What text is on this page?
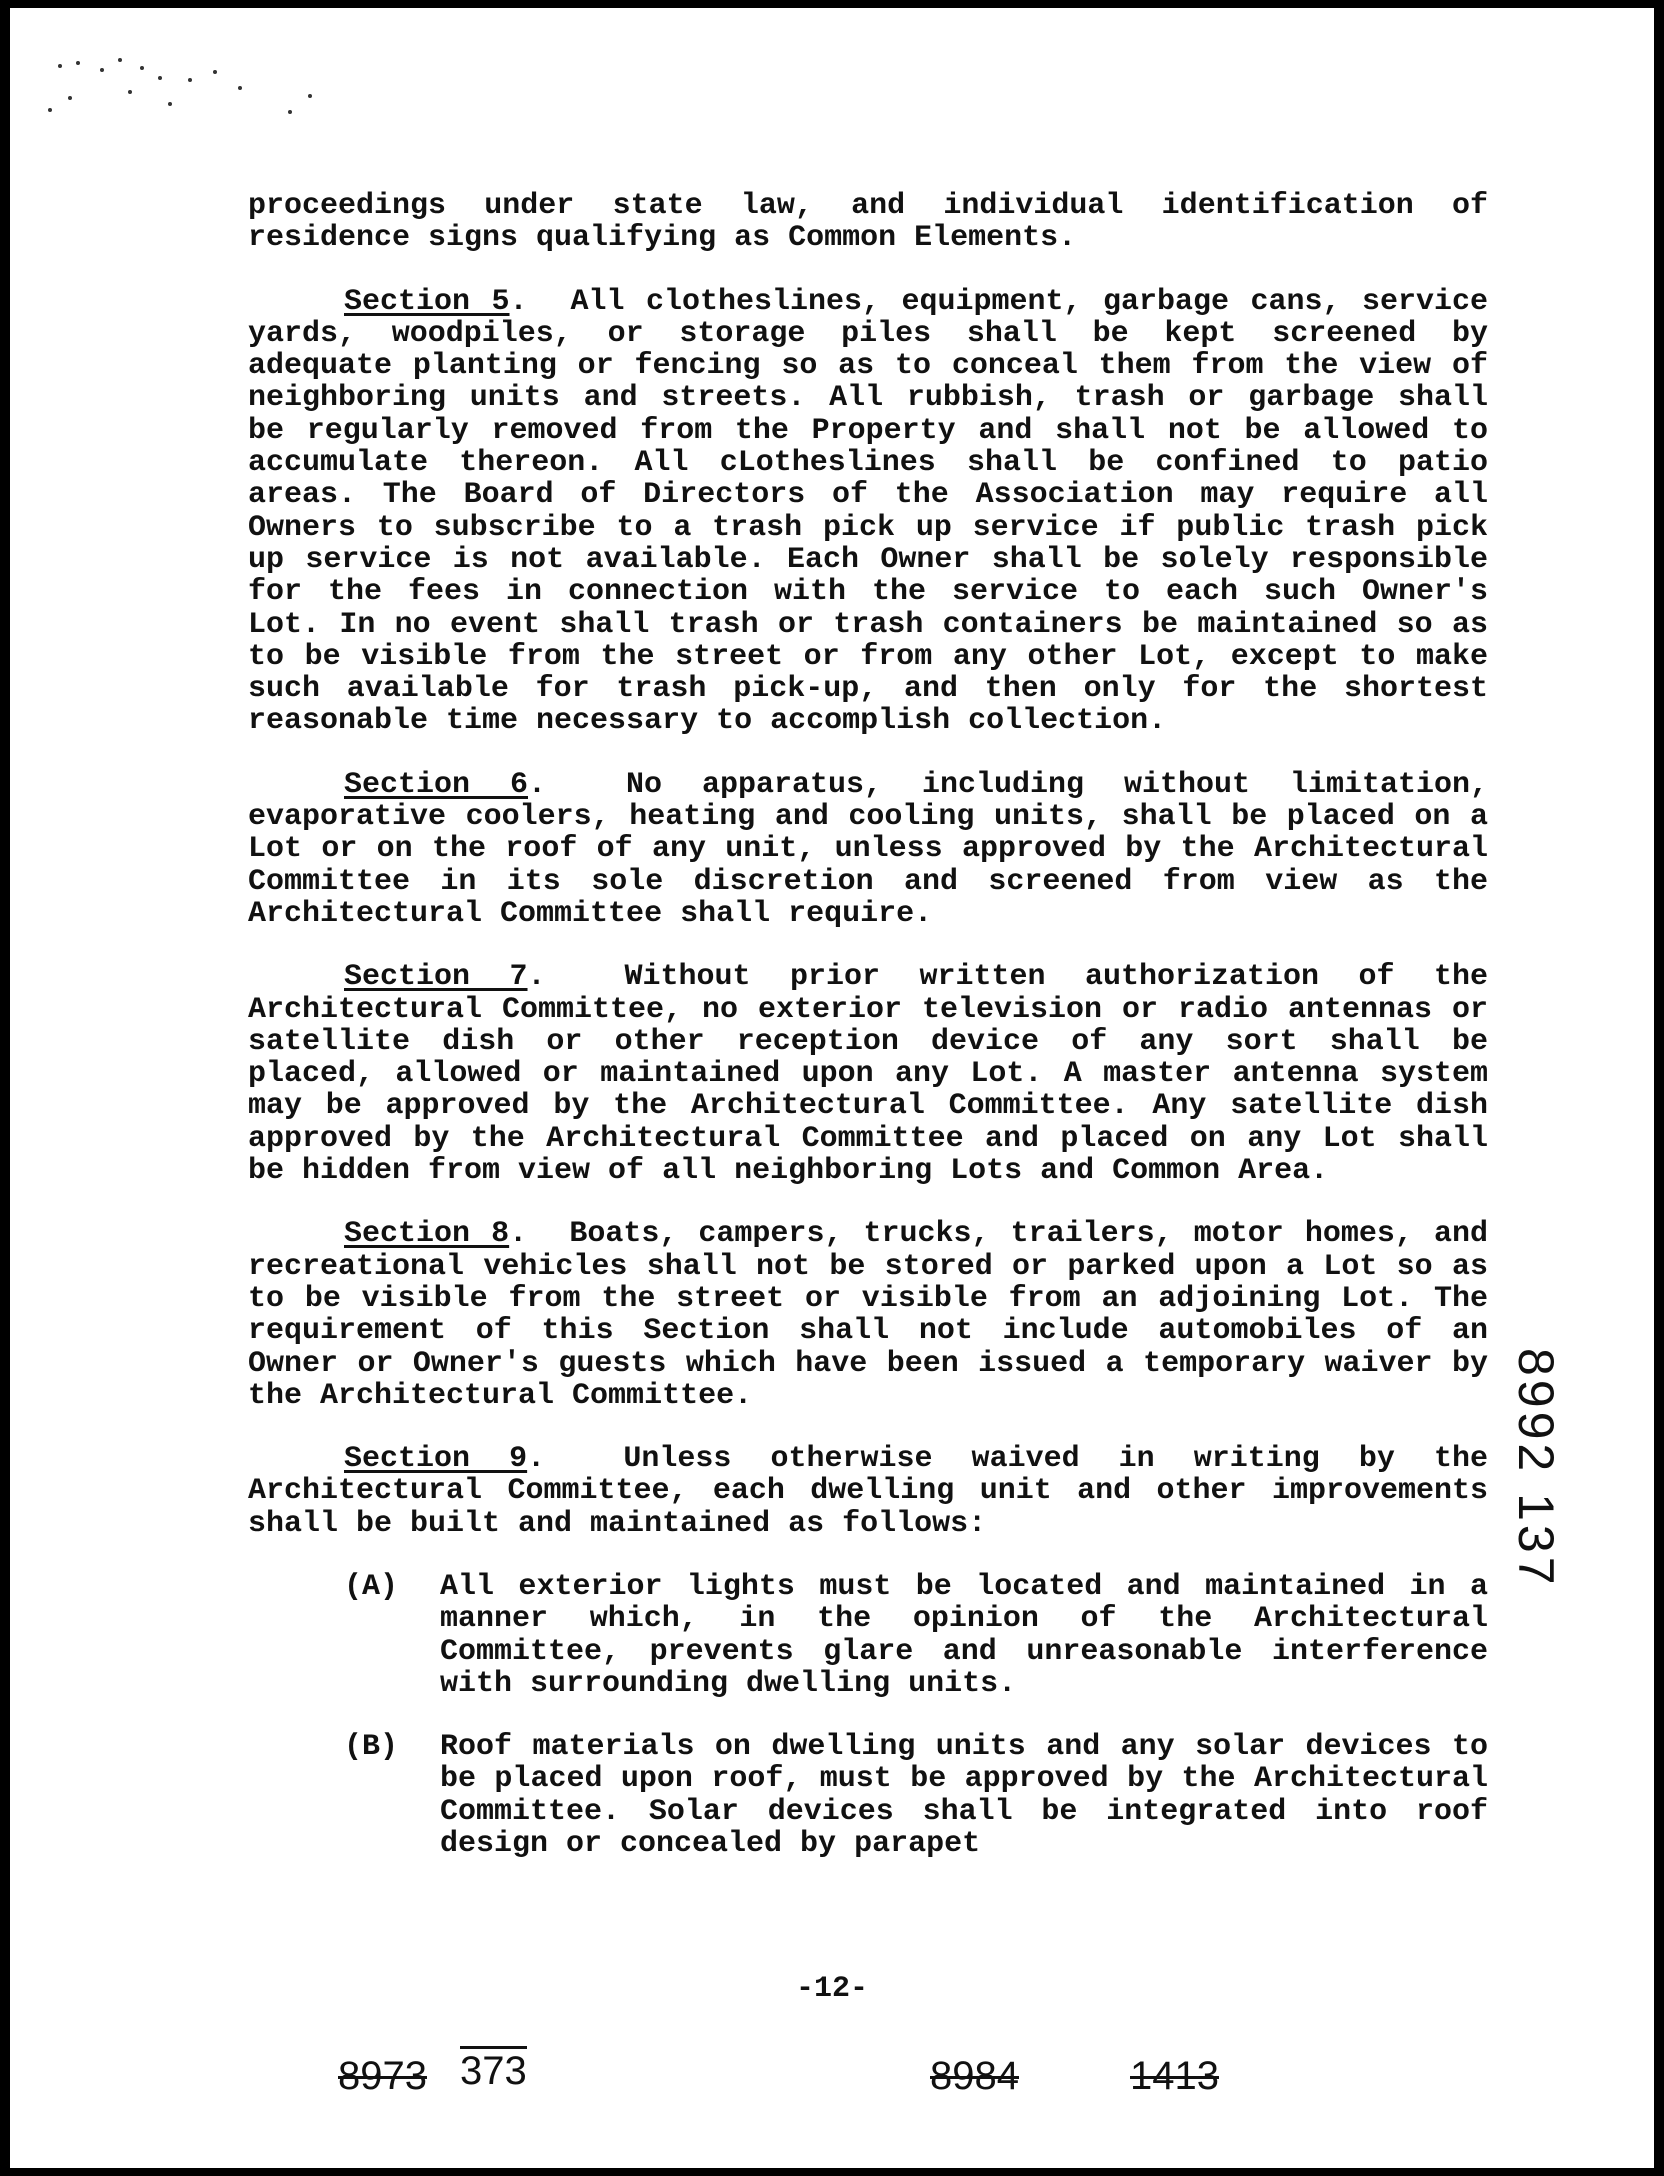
proceedings under state law, and individual identification of residence signs qualifying as Common Elements.

Section 5.  All clotheslines, equipment, garbage cans, service yards, woodpiles, or storage piles shall be kept screened by adequate planting or fencing so as to conceal them from the view of neighboring units and streets. All rubbish, trash or garbage shall be regularly removed from the Property and shall not be allowed to accumulate thereon. All cLotheslines shall be confined to patio areas. The Board of Directors of the Association may require all Owners to subscribe to a trash pick up service if public trash pick up service is not available. Each Owner shall be solely responsible for the fees in connection with the service to each such Owner's Lot. In no event shall trash or trash containers be maintained so as to be visible from the street or from any other Lot, except to make such available for trash pick-up, and then only for the shortest reasonable time necessary to accomplish collection.

Section 6.  No apparatus, including without limitation, evaporative coolers, heating and cooling units, shall be placed on a Lot or on the roof of any unit, unless approved by the Architectural Committee in its sole discretion and screened from view as the Architectural Committee shall require.

Section 7.  Without prior written authorization of the Architectural Committee, no exterior television or radio antennas or satellite dish or other reception device of any sort shall be placed, allowed or maintained upon any Lot. A master antenna system may be approved by the Architectural Committee. Any satellite dish approved by the Architectural Committee and placed on any Lot shall be hidden from view of all neighboring Lots and Common Area.

Section 8.  Boats, campers, trucks, trailers, motor homes, and recreational vehicles shall not be stored or parked upon a Lot so as to be visible from the street or visible from an adjoining Lot. The requirement of this Section shall not include automobiles of an Owner or Owner's guests which have been issued a temporary waiver by the Architectural Committee.

Section 9.  Unless otherwise waived in writing by the Architectural Committee, each dwelling unit and other improvements shall be built and maintained as follows:

(A)	All exterior lights must be located and maintained in a manner which, in the opinion of the Architectural Committee, prevents glare and unreasonable interference with surrounding dwelling units.
(B)	Roof materials on dwelling units and any solar devices to be placed upon roof, must be approved by the Architectural Committee. Solar devices shall be integrated into roof design or concealed by parapet
-12-
8973 373	8984	1413
8992 137
